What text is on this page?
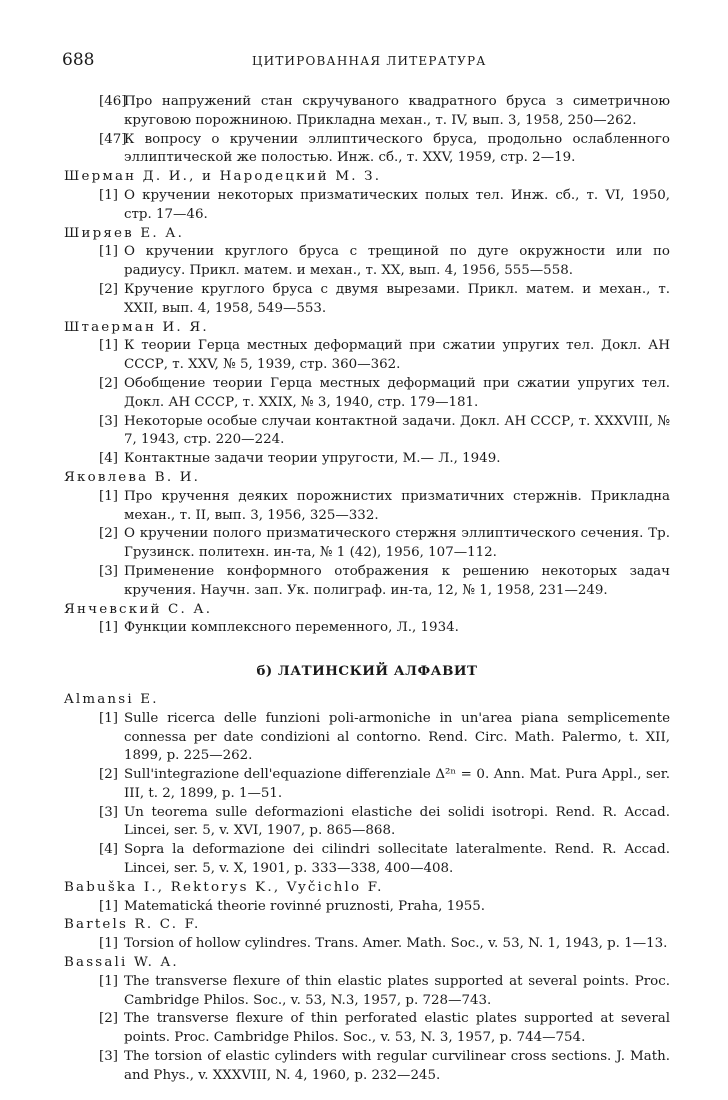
688	ЦИТИРОВАННАЯ ЛИТЕРАТУРА

[46]Про напружений стан скручуваного квадратного бруса з симетричною круговою порожниною. Прикладна механ., т. IV, вып. 3, 1958, 250—262.

[47]К вопросу о кручении эллиптического бруса, продольно ослабленного эллиптической же полостью. Инж. сб., т. XXV, 1959, стр. 2—19.

Шерман Д. И., и Народецкий М. З.

[1] О кручении некоторых призматических полых тел. Инж. сб., т. VI, 1950, стр. 17—46.

Ширяев Е. А.

[1] О кручении круглого бруса с трещиной по дуге окружности или по радиусу. Прикл. матем. и механ., т. XX, вып. 4, 1956, 555—558.

[2] Кручение круглого бруса с двумя вырезами. Прикл. матем. и механ., т. XXII, вып. 4, 1958, 549—553.

Штаерман И. Я.

[1] К теории Герца местных деформаций при сжатии упругих тел. Докл. АН СССР, т. XXV, № 5, 1939, стр. 360—362.

[2] Обобщение теории Герца местных деформаций при сжатии упругих тел. Докл. АН СССР, т. XXIX, № 3, 1940, стр. 179—181.

[3] Некоторые особые случаи контактной задачи. Докл. АН СССР, т. XXXVIII, № 7, 1943, стр. 220—224.

[4] Контактные задачи теории упругости, М.— Л., 1949.

Яковлева В. И.

[1] Про кручення деяких порожнистих призматичних стержнів. Прикладна механ., т. II, вып. 3, 1956, 325—332.

[2] О кручении полого призматического стержня эллиптического сечения. Тр. Грузинск. политехн. ин-та, № 1 (42), 1956, 107—112.

[3] Применение конформного отображения к решению некоторых задач кручения. Научн. зап. Ук. полиграф. ин-та, 12, № 1, 1958, 231—249.

Янчевский С. А.

[1] Функции комплексного переменного, Л., 1934.

б) ЛАТИНСКИЙ АЛФАВИТ

Almansi E.

[1] Sulle ricerca delle funzioni poli-armoniche in un'area piana semplicemente connessa per date condizioni al contorno. Rend. Circ. Math. Palermo, t. XII, 1899, p. 225—262.

[2] Sull'integrazione dell'equazione differenziale Δ²ⁿ = 0. Ann. Mat. Pura Appl., ser. III, t. 2, 1899, p. 1—51.

[3] Un teorema sulle deformazioni elastiche dei solidi isotropi. Rend. R. Accad. Lincei, ser. 5, v. XVI, 1907, p. 865—868.

[4] Sopra la deformazione dei cilindri sollecitate lateralmente. Rend. R. Accad. Lincei, ser. 5, v. X, 1901, p. 333—338, 400—408.

Babuška I., Rektorys K., Vyčichlo F.

[1] Matematická theorie rovinné pruznosti, Praha, 1955.

Bartels R. C. F.

[1] Torsion of hollow cylindres. Trans. Amer. Math. Soc., v. 53, N. 1, 1943, p. 1—13.

Bassali W. A.

[1] The transverse flexure of thin elastic plates supported at several points. Proc. Cambridge Philos. Soc., v. 53, N.3, 1957, p. 728—743.

[2] The transverse flexure of thin perforated elastic plates supported at several points. Proc. Cambridge Philos. Soc., v. 53, N. 3, 1957, p. 744—754.

[3] The torsion of elastic cylinders with regular curvilinear cross sections. J. Math. and Phys., v. XXXVIII, N. 4, 1960, p. 232—245.
